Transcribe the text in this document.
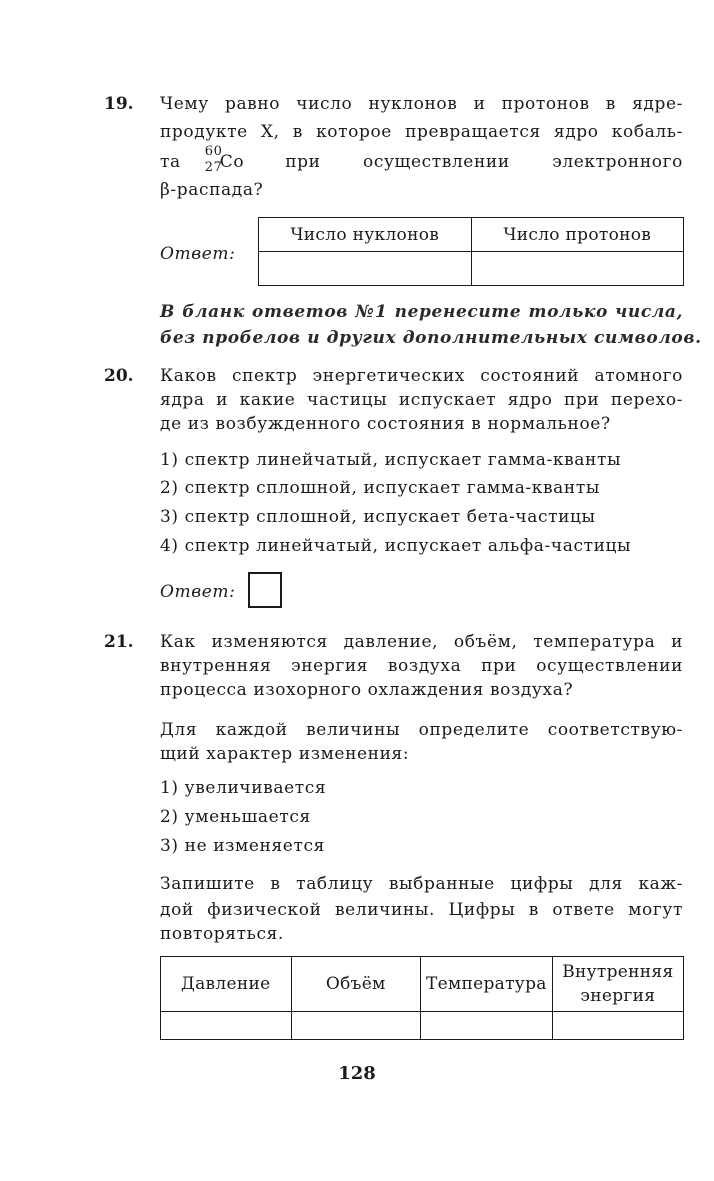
19. Чему равно число нуклонов и протонов в ядре-
продукте X, в которое превращается ядро кобаль-
та
60
27
Co при осуществлении электронного
β-распада?
Ответ:
Число нуклонов	Число протонов

В бланк ответов №1 перенесите только числа,
без пробелов и других дополнительных символов.
20. Каков спектр энергетических состояний атомного
ядра и какие частицы испускает ядро при перехо-
де из возбужденного состояния в нормальное?
1) спектр линейчатый, испускает гамма-кванты
2) спектр сплошной, испускает гамма-кванты
3) спектр сплошной, испускает бета-частицы
4) спектр линейчатый, испускает альфа-частицы
Ответ:
21. Как изменяются давление, объём, температура и
внутренняя энергия воздуха при осуществлении
процесса изохорного охлаждения воздуха?
Для каждой величины определите соответствую-
щий характер изменения:
1) увеличивается
2) уменьшается
3) не изменяется
Запишите в таблицу выбранные цифры для каж-
дой физической величины. Цифры в ответе могут
повторяться.
Давление	Объём	Температура	Внутренняя энергия

128
